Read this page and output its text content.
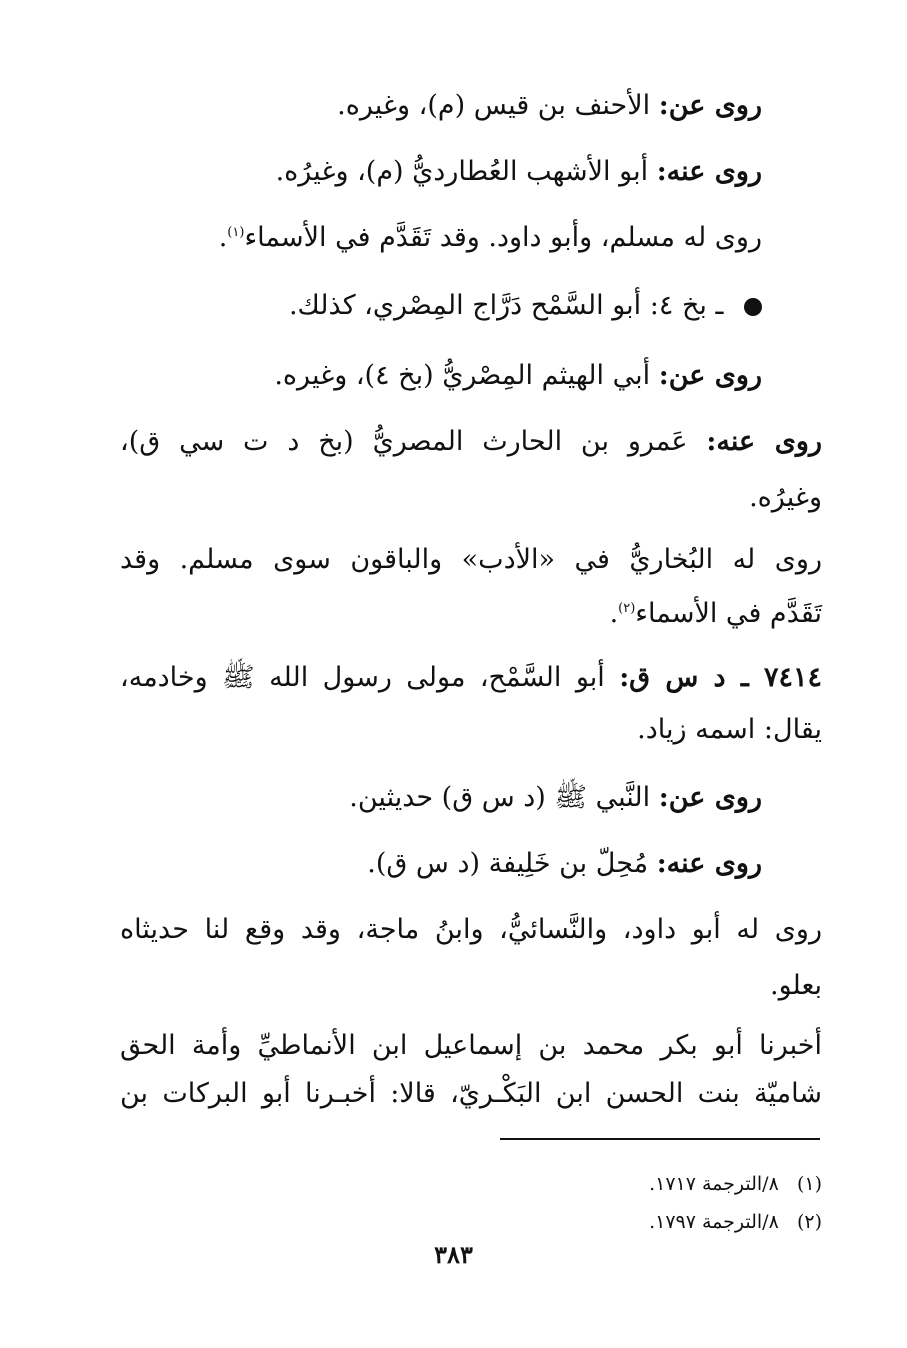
روى عن: الأحنف بن قيس (م)، وغيره.

روى عنه: أبو الأشهب العُطارديُّ (م)، وغيرُه.

روى له مسلم، وأبو داود. وقد تَقَدَّم في الأسماء$^{(١)}$.

ـ بخ ٤: أبو السَّمْح دَرَّاج المِصْري، كذلك.

روى عن: أبي الهيثم المِصْريُّ (بخ ٤)، وغيره.

روى عنه: عَمرو بن الحارث المصريُّ (بخ د ت سي ق)،

وغيرُه.

روى له البُخاريُّ في «الأدب» والباقون سوى مسلم. وقد

تَقَدَّم في الأسماء$^{(٢)}$.

٧٤١٤ ـ د س ق: أبو السَّمْح، مولى رسول الله ﷺ وخادمه،

يقال: اسمه زياد.

روى عن: النَّبي ﷺ (د س ق) حديثين.

روى عنه: مُحِلّ بن خَلِيفة (د س ق).

روى له أبو داود، والنَّسائيُّ، وابنُ ماجة، وقد وقع لنا حديثاه

بعلو.

أخبرنا أبو بكر محمد بن إسماعيل ابن الأنماطيِّ وأمة الحق

شاميّة بنت الحسن ابن البَكْـريّ، قالا: أخبـرنا أبو البركات بن

(١)   ٨/الترجمة ١٧١٧.
(٢)   ٨/الترجمة ١٧٩٧.
٣٨٣
